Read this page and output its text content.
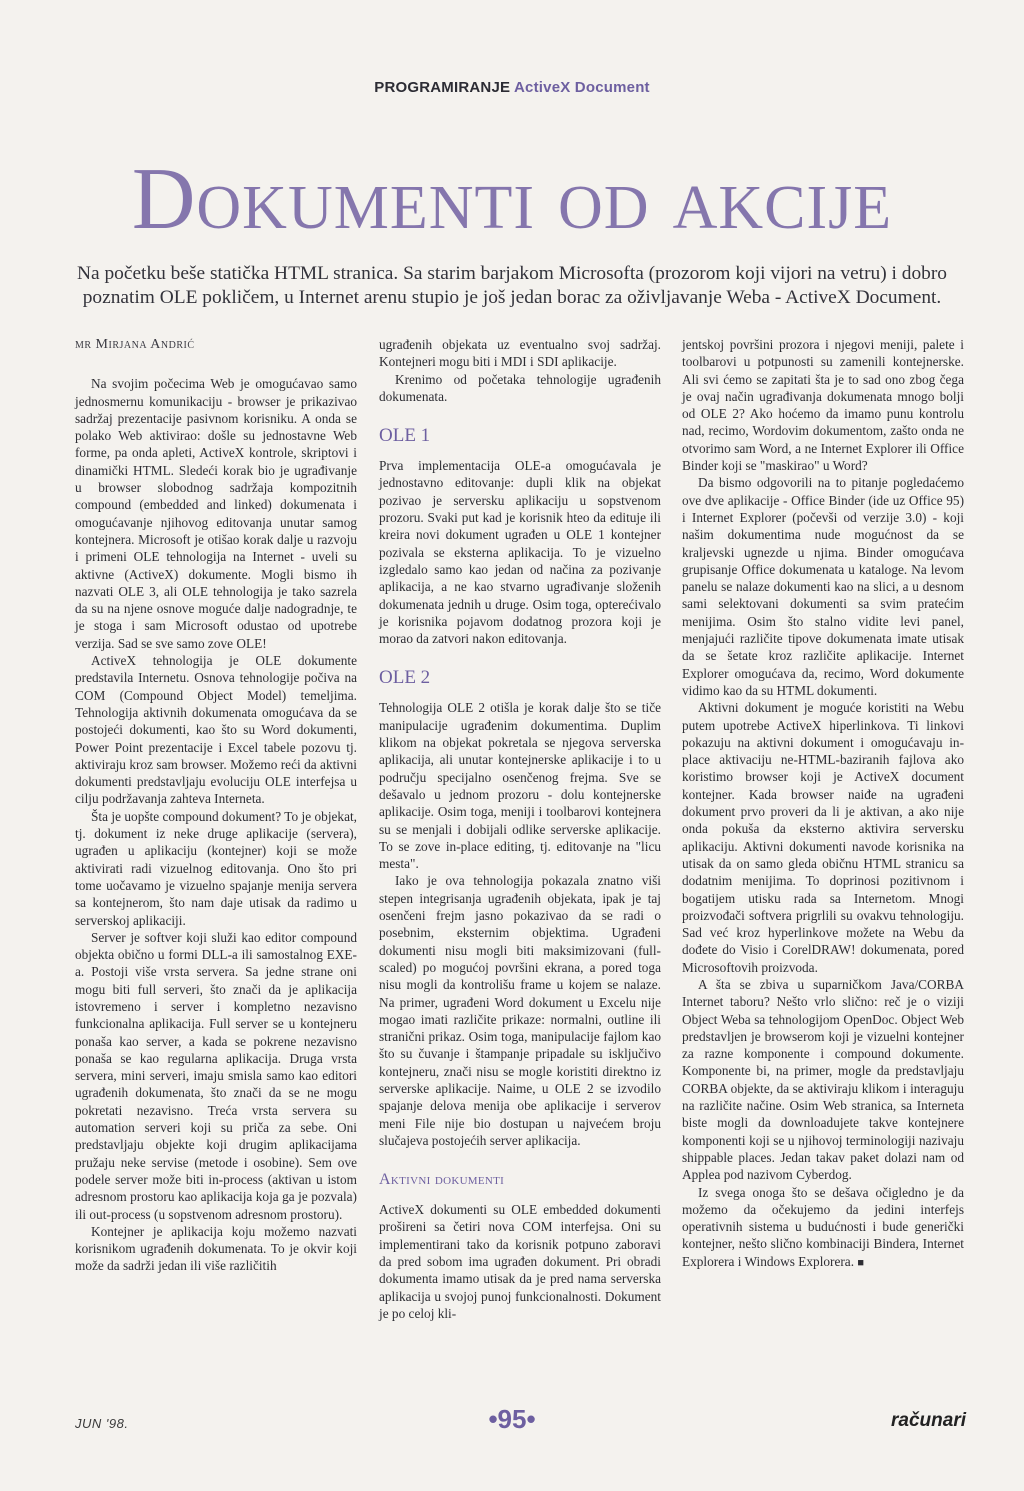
PROGRAMIRANJE ActiveX Document
Dokumenti od akcije
Na početku beše statička HTML stranica. Sa starim barjakom Microsofta (prozorom koji vijori na vetru) i dobro poznatim OLE pokličem, u Internet arenu stupio je još jedan borac za oživljavanje Weba - ActiveX Document.

mr Mirjana Andrić

Na svojim počecima Web je omogućavao samo jednosmernu komunikaciju - browser je prikazivao sadržaj prezentacije pasivnom korisniku. A onda se polako Web aktivirao: došle su jednostavne Web forme, pa onda apleti, ActiveX kontrole, skriptovi i dinamički HTML. Sledeći korak bio je ugrađivanje u browser slobodnog sadržaja kompozitnih compound (embedded and linked) dokumenata i omogućavanje njihovog editovanja unutar samog kontejnera. Microsoft je otišao korak dalje u razvoju i primeni OLE tehnologija na Internet - uveli su aktivne (ActiveX) dokumente. Mogli bismo ih nazvati OLE 3, ali OLE tehnologija je tako sazrela da su na njene osnove moguće dalje nadogradnje, te je stoga i sam Microsoft odustao od upotrebe verzija. Sad se sve samo zove OLE!

ActiveX tehnologija je OLE dokumente predstavila Internetu. Osnova tehnologije počiva na COM (Compound Object Model) temeljima. Tehnologija aktivnih dokumenata omogućava da se postojeći dokumenti, kao što su Word dokumenti, Power Point prezentacije i Excel tabele pozovu tj. aktiviraju kroz sam browser. Možemo reći da aktivni dokumenti predstavljaju evoluciju OLE interfejsa u cilju podržavanja zahteva Interneta.

Šta je uopšte compound dokument? To je objekat, tj. dokument iz neke druge aplikacije (servera), ugrađen u aplikaciju (kontejner) koji se može aktivirati radi vizuelnog editovanja. Ono što pri tome uočavamo je vizuelno spajanje menija servera sa kontejnerom, što nam daje utisak da radimo u serverskoj aplikaciji.

Server je softver koji služi kao editor compound objekta obično u formi DLL-a ili samostalnog EXE-a. Postoji više vrsta servera. Sa jedne strane oni mogu biti full serveri, što znači da je aplikacija istovremeno i server i kompletno nezavisno funkcionalna aplikacija. Full server se u kontejneru ponaša kao server, a kada se pokrene nezavisno ponaša se kao regularna aplikacija. Druga vrsta servera, mini serveri, imaju smisla samo kao editori ugrađenih dokumenata, što znači da se ne mogu pokretati nezavisno. Treća vrsta servera su automation serveri koji su priča za sebe. Oni predstavljaju objekte koji drugim aplikacijama pružaju neke servise (metode i osobine). Sem ove podele server može biti in-process (aktivan u istom adresnom prostoru kao aplikacija koja ga je pozvala) ili out-process (u sopstvenom adresnom prostoru).

Kontejner je aplikacija koju možemo nazvati korisnikom ugrađenih dokumenata. To je okvir koji može da sadrži jedan ili više različitih

ugrađenih objekata uz eventualno svoj sadržaj. Kontejneri mogu biti i MDI i SDI aplikacije.

Krenimo od početaka tehnologije ugrađenih dokumenata.

OLE 1

Prva implementacija OLE-a omogućavala je jednostavno editovanje: dupli klik na objekat pozivao je serversku aplikaciju u sopstvenom prozoru. Svaki put kad je korisnik hteo da edituje ili kreira novi dokument ugrađen u OLE 1 kontejner pozivala se eksterna aplikacija. To je vizuelno izgledalo samo kao jedan od načina za pozivanje aplikacija, a ne kao stvarno ugrađivanje složenih dokumenata jednih u druge. Osim toga, opterećivalo je korisnika pojavom dodatnog prozora koji je morao da zatvori nakon editovanja.

OLE 2

Tehnologija OLE 2 otišla je korak dalje što se tiče manipulacije ugrađenim dokumentima. Duplim klikom na objekat pokretala se njegova serverska aplikacija, ali unutar kontejnerske aplikacije i to u području specijalno osenčenog frejma. Sve se dešavalo u jednom prozoru - dolu kontejnerske aplikacije. Osim toga, meniji i toolbarovi kontejnera su se menjali i dobijali odlike serverske aplikacije. To se zove in-place editing, tj. editovanje na "licu mesta".

Iako je ova tehnologija pokazala znatno viši stepen integrisanja ugrađenih objekata, ipak je taj osenčeni frejm jasno pokazivao da se radi o posebnim, eksternim objektima. Ugrađeni dokumenti nisu mogli biti maksimizovani (full-scaled) po mogućoj površini ekrana, a pored toga nisu mogli da kontrolišu frame u kojem se nalaze. Na primer, ugrađeni Word dokument u Excelu nije mogao imati različite prikaze: normalni, outline ili stranični prikaz. Osim toga, manipulacije fajlom kao što su čuvanje i štampanje pripadale su isključivo kontejneru, znači nisu se mogle koristiti direktno iz serverske aplikacije. Naime, u OLE 2 se izvodilo spajanje delova menija obe aplikacije i serverov meni File nije bio dostupan u najvećem broju slučajeva postojećih server aplikacija.

Aktivni dokumenti

ActiveX dokumenti su OLE embedded dokumenti prošireni sa četiri nova COM interfejsa. Oni su implementirani tako da korisnik potpuno zaboravi da pred sobom ima ugrađen dokument. Pri obradi dokumenta imamo utisak da je pred nama serverska aplikacija u svojoj punoj funkcionalnosti. Dokument je po celoj kli-

jentskoj površini prozora i njegovi meniji, palete i toolbarovi u potpunosti su zamenili kontejnerske. Ali svi ćemo se zapitati šta je to sad ono zbog čega je ovaj način ugrađivanja dokumenata mnogo bolji od OLE 2? Ako hoćemo da imamo punu kontrolu nad, recimo, Wordovim dokumentom, zašto onda ne otvorimo sam Word, a ne Internet Explorer ili Office Binder koji se "maskirao" u Word?

Da bismo odgovorili na to pitanje pogledaćemo ove dve aplikacije - Office Binder (ide uz Office 95) i Internet Explorer (počevši od verzije 3.0) - koji našim dokumentima nude mogućnost da se kraljevski ugnezde u njima. Binder omogućava grupisanje Office dokumenata u kataloge. Na levom panelu se nalaze dokumenti kao na slici, a u desnom sami selektovani dokumenti sa svim pratećim menijima. Osim što stalno vidite levi panel, menjajući različite tipove dokumenata imate utisak da se šetate kroz različite aplikacije. Internet Explorer omogućava da, recimo, Word dokumente vidimo kao da su HTML dokumenti.

Aktivni dokument je moguće koristiti na Webu putem upotrebe ActiveX hiperlinkova. Ti linkovi pokazuju na aktivni dokument i omogućavaju in-place aktivaciju ne-HTML-baziranih fajlova ako koristimo browser koji je ActiveX document kontejner. Kada browser naiđe na ugrađeni dokument prvo proveri da li je aktivan, a ako nije onda pokuša da eksterno aktivira serversku aplikaciju. Aktivni dokumenti navode korisnika na utisak da on samo gleda običnu HTML stranicu sa dodatnim menijima. To doprinosi pozitivnom i bogatijem utisku rada sa Internetom. Mnogi proizvođači softvera prigrlili su ovakvu tehnologiju. Sad već kroz hyperlinkove možete na Webu da dođete do Visio i CorelDRAW! dokumenata, pored Microsoftovih proizvoda.

A šta se zbiva u suparničkom Java/CORBA Internet taboru? Nešto vrlo slično: reč je o viziji Object Weba sa tehnologijom OpenDoc. Object Web predstavljen je browserom koji je vizuelni kontejner za razne komponente i compound dokumente. Komponente bi, na primer, mogle da predstavljaju CORBA objekte, da se aktiviraju klikom i interaguju na različite načine. Osim Web stranica, sa Interneta biste mogli da downloadujete takve kontejnere komponenti koji se u njihovoj terminologiji nazivaju shippable places. Jedan takav paket dolazi nam od Applea pod nazivom Cyberdog.

Iz svega onoga što se dešava očigledno je da možemo da očekujemo da jedini interfejs operativnih sistema u budućnosti i bude generički kontejner, nešto slično kombinaciji Bindera, Internet Explorera i Windows Explorera. ■

JUN '98.	•95•	računari
